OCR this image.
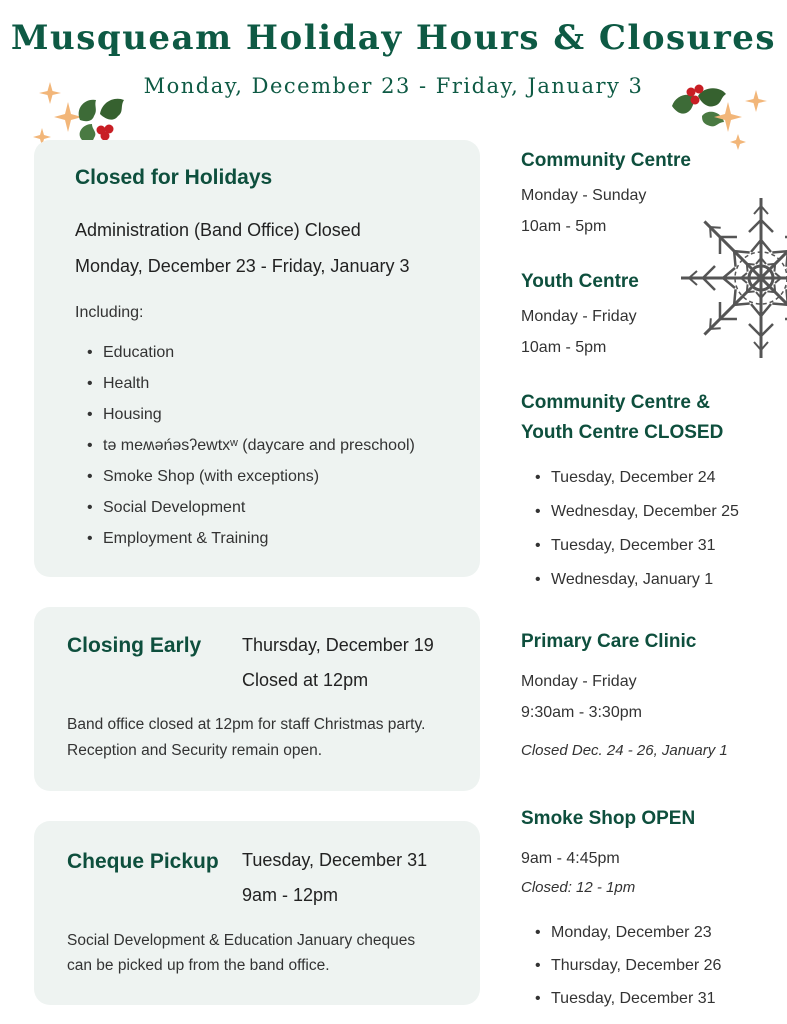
Musqueam Holiday Hours & Closures

Monday, December 23 - Friday, January 3

Closed for Holidays
Administration (Band Office) Closed
Monday, December 23 - Friday, January 3
Including:
• Education
• Health
• Housing
• tə meʍəńəsʔewtxʷ (daycare and preschool)
• Smoke Shop (with exceptions)
• Social Development
• Employment & Training
Closing Early Thursday, December 19
Closed at 12pm
Band office closed at 12pm for staff Christmas party.
Reception and Security remain open.
Cheque Pickup Tuesday, December 31
9am - 12pm
Social Development & Education January cheques
can be picked up from the band office.
Community Centre
Monday - Sunday
10am - 5pm
Youth Centre
Monday - Friday
10am - 5pm
Community Centre &
Youth Centre CLOSED
• Tuesday, December 24
• Wednesday, December 25
• Tuesday, December 31
• Wednesday, January 1
Primary Care Clinic
Monday - Friday
9:30am - 3:30pm
Closed Dec. 24 - 26, January 1
Smoke Shop OPEN
9am - 4:45pm
Closed: 12 - 1pm
• Monday, December 23
• Thursday, December 26
• Tuesday, December 31
